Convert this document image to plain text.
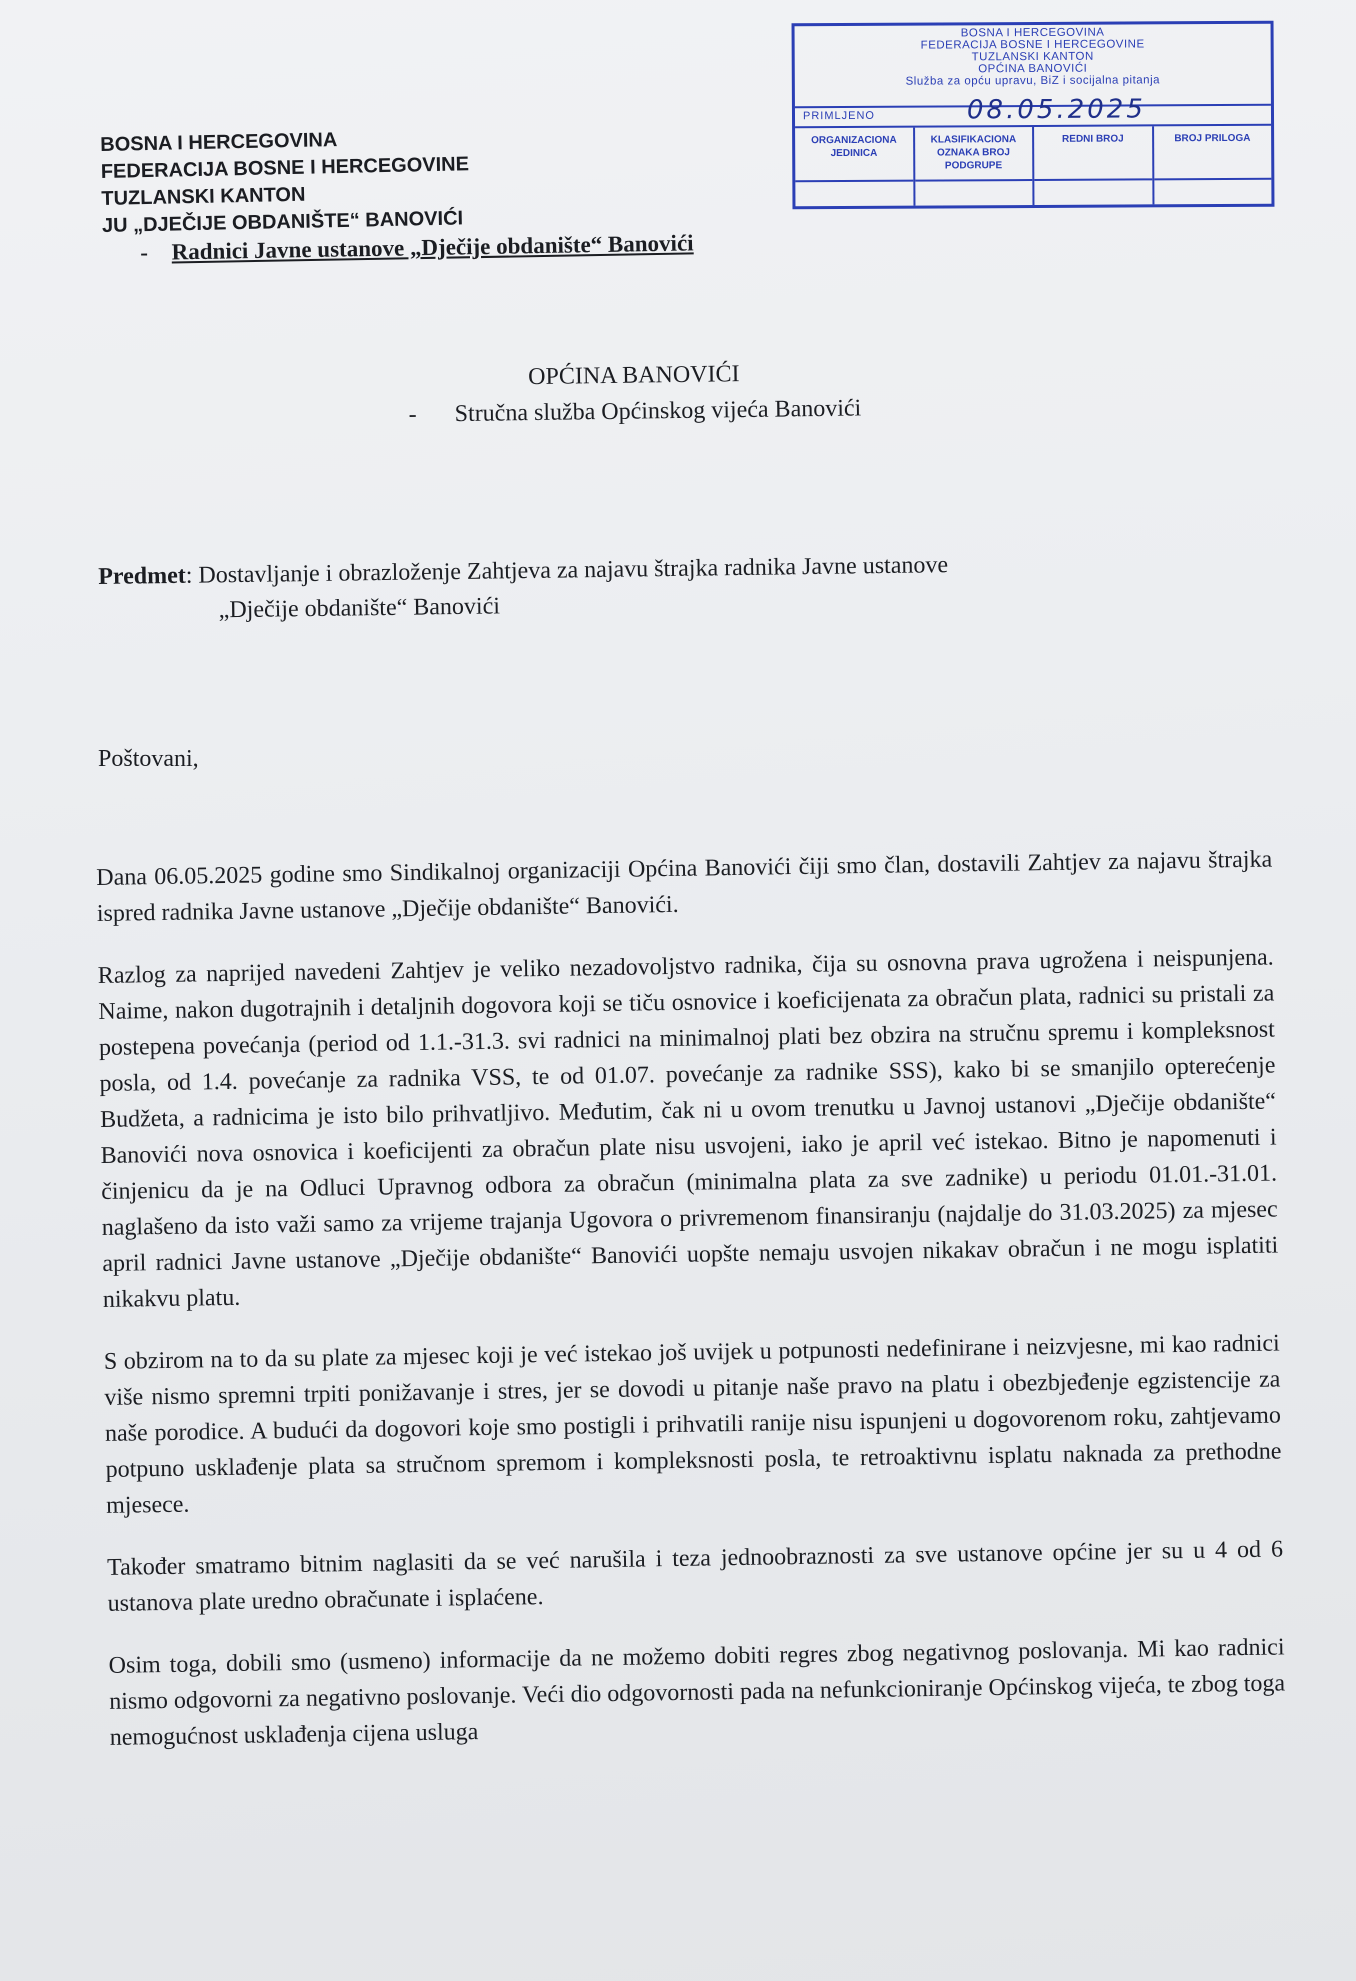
BOSNA I HERCEGOVINA
FEDERACIJA BOSNE I HERCEGOVINE
TUZLANSKI KANTON
OPĆINA BANOVIĆI
Služba za opću upravu, BiZ i socijalna pitanja
PRIMLJENO	08.05.2025
ORGANIZACIONA JEDINICA
KLASIFIKACIONA OZNAKA BROJ PODGRUPE
REDNI BROJ	BROJ PRILOGA
BOSNA I HERCEGOVINA
FEDERACIJA BOSNE I HERCEGOVINE
TUZLANSKI KANTON
JU „DJEČIJE OBDANIŠTE“ BANOVIĆI
- Radnici Javne ustanove „Dječije obdanište“ Banovići
OPĆINA BANOVIĆI
- Stručna služba Općinskog vijeća Banovići
Predmet: Dostavljanje i obrazloženje Zahtjeva za najavu štrajka radnika Javne ustanove
„Dječije obdanište“ Banovići
Poštovani,

Dana 06.05.2025 godine smo Sindikalnoj organizaciji Općina Banovići čiji smo član, dostavili Zahtjev za najavu štrajka ispred radnika Javne ustanove „Dječije obdanište“ Banovići.

Razlog za naprijed navedeni Zahtjev je veliko nezadovoljstvo radnika, čija su osnovna prava ugrožena i neispunjena. Naime, nakon dugotrajnih i detaljnih dogovora koji se tiču osnovice i koeficijenata za obračun plata, radnici su pristali za postepena povećanja (period od 1.1.-31.3. svi radnici na minimalnoj plati bez obzira na stručnu spremu i kompleksnost posla, od 1.4. povećanje za radnika VSS, te od 01.07. povećanje za radnike SSS), kako bi se smanjilo opterećenje Budžeta, a radnicima je isto bilo prihvatljivo. Međutim, čak ni u ovom trenutku u Javnoj ustanovi „Dječije obdanište“ Banovići nova osnovica i koeficijenti za obračun plate nisu usvojeni, iako je april već istekao. Bitno je napomenuti i činjenicu da je na Odluci Upravnog odbora za obračun (minimalna plata za sve zadnike) u periodu 01.01.-31.01. naglašeno da isto važi samo za vrijeme trajanja Ugovora o privremenom finansiranju (najdalje do 31.03.2025) za mjesec april radnici Javne ustanove „Dječije obdanište“ Banovići uopšte nemaju usvojen nikakav obračun i ne mogu isplatiti nikakvu platu.

S obzirom na to da su plate za mjesec koji je već istekao još uvijek u potpunosti nedefinirane i neizvjesne, mi kao radnici više nismo spremni trpiti ponižavanje i stres, jer se dovodi u pitanje naše pravo na platu i obezbjeđenje egzistencije za naše porodice. A budući da dogovori koje smo postigli i prihvatili ranije nisu ispunjeni u dogovorenom roku, zahtjevamo potpuno usklađenje plata sa stručnom spremom i kompleksnosti posla, te retroaktivnu isplatu naknada za prethodne mjesece.

Također smatramo bitnim naglasiti da se već narušila i teza jednoobraznosti za sve ustanove općine jer su u 4 od 6 ustanova plate uredno obračunate i isplaćene.

Osim toga, dobili smo (usmeno) informacije da ne možemo dobiti regres zbog negativnog poslovanja. Mi kao radnici nismo odgovorni za negativno poslovanje. Veći dio odgovornosti pada na nefunkcioniranje Općinskog vijeća, te zbog toga nemogućnost usklađenja cijena usluga
